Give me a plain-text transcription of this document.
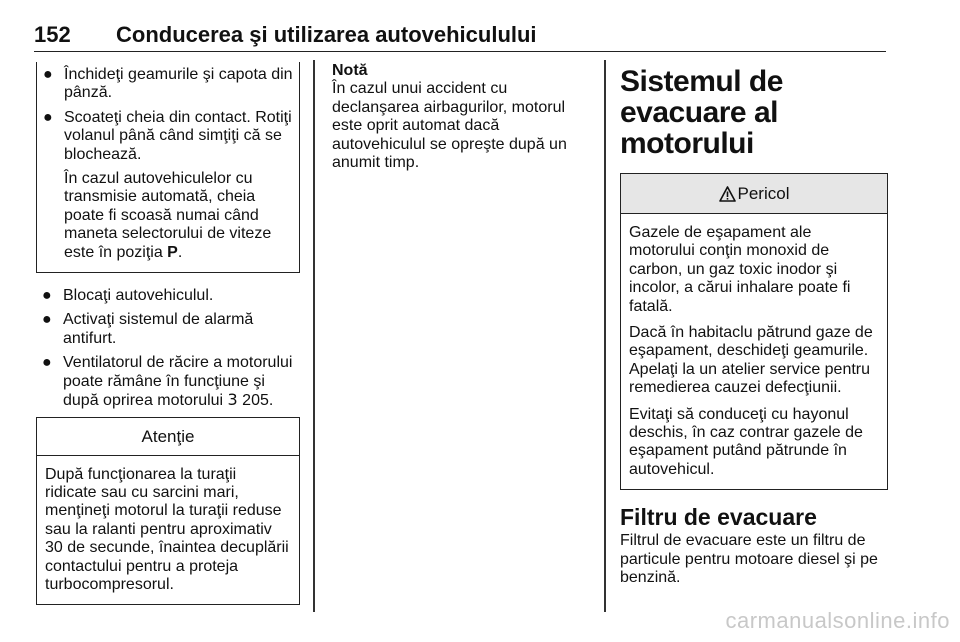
152 Conducerea şi utilizarea autovehiculului
● Închideţi geamurile şi capota din pânză.
● Scoateţi cheia din contact. Rotiţi volanul până când simţiţi că se blochează.
În cazul autovehiculelor cu transmisie automată, cheia poate fi scoasă numai când maneta selectorului de viteze este în poziţia P.
● Blocaţi autovehiculul.
● Activaţi sistemul de alarmă antifurt.
● Ventilatorul de răcire a motorului poate rămâne în funcţiune şi după oprirea motorului 3 205.
Atenţie
După funcţionarea la turaţii ridicate sau cu sarcini mari, menţineţi motorul la turaţii reduse sau la ralanti pentru aproximativ 30 de secunde, înaintea decuplării contactului pentru a proteja turbocompresorul.
Notă
În cazul unui accident cu declanşarea airbagurilor, motorul este oprit automat dacă autovehiculul se opreşte după un anumit timp.
Sistemul de evacuare al motorului
Pericol

Gazele de eşapament ale motorului conţin monoxid de carbon, un gaz toxic inodor şi incolor, a cărui inhalare poate fi fatală.

Dacă în habitaclu pătrund gaze de eşapament, deschideţi geamurile. Apelaţi la un atelier service pentru remedierea cauzei defecţiunii.

Evitaţi să conduceţi cu hayonul deschis, în caz contrar gazele de eşapament putând pătrunde în autovehicul.

Filtru de evacuare
Filtrul de evacuare este un filtru de particule pentru motoare diesel şi pe benzină.
carmanualsonline.info
